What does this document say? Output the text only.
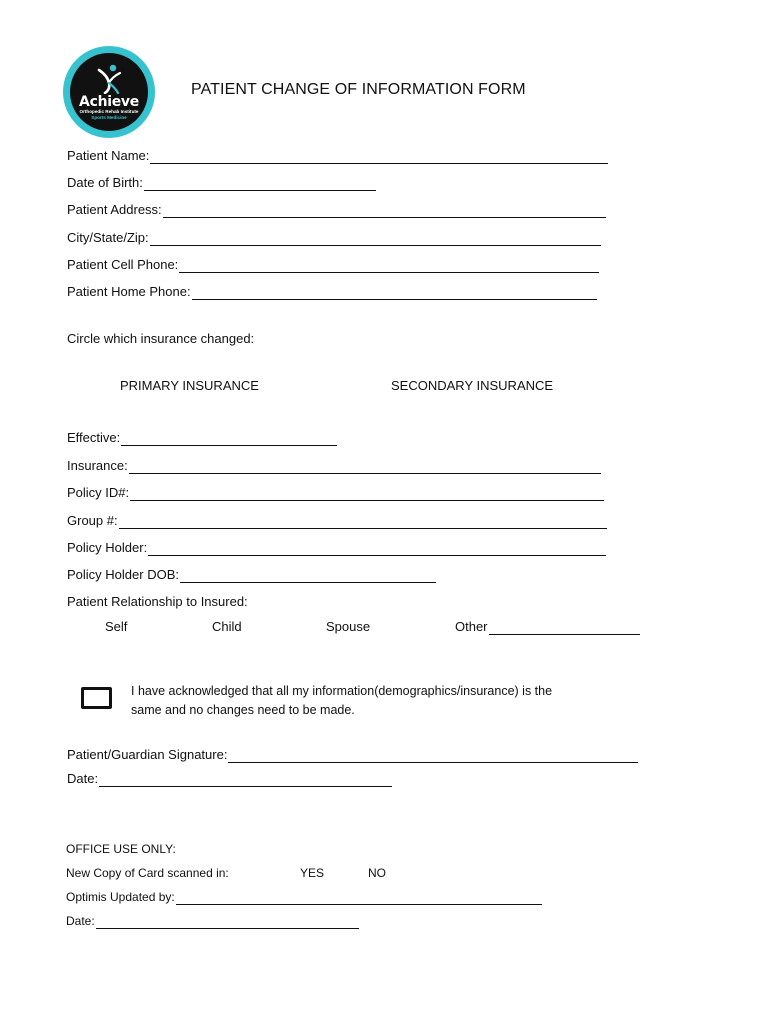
Achieve
Orthopedic Rehab Institute
Sports Medicine
PATIENT CHANGE OF INFORMATION FORM
Patient Name:
Date of Birth:
Patient Address:
City/State/Zip:
Patient Cell Phone:
Patient Home Phone:
Circle which insurance changed:
PRIMARY INSURANCE	SECONDARY INSURANCE
Effective:
Insurance:
Policy ID#:
Group #:
Policy Holder:
Policy Holder DOB:
Patient Relationship to Insured:
Self	Child	Spouse	Other
I have acknowledged that all my information(demographics/insurance) is the same and no changes need to be made.
Patient/Guardian Signature:
Date:
OFFICE USE ONLY:
New Copy of Card scanned in:	YES	NO
Optimis Updated by:
Date:
